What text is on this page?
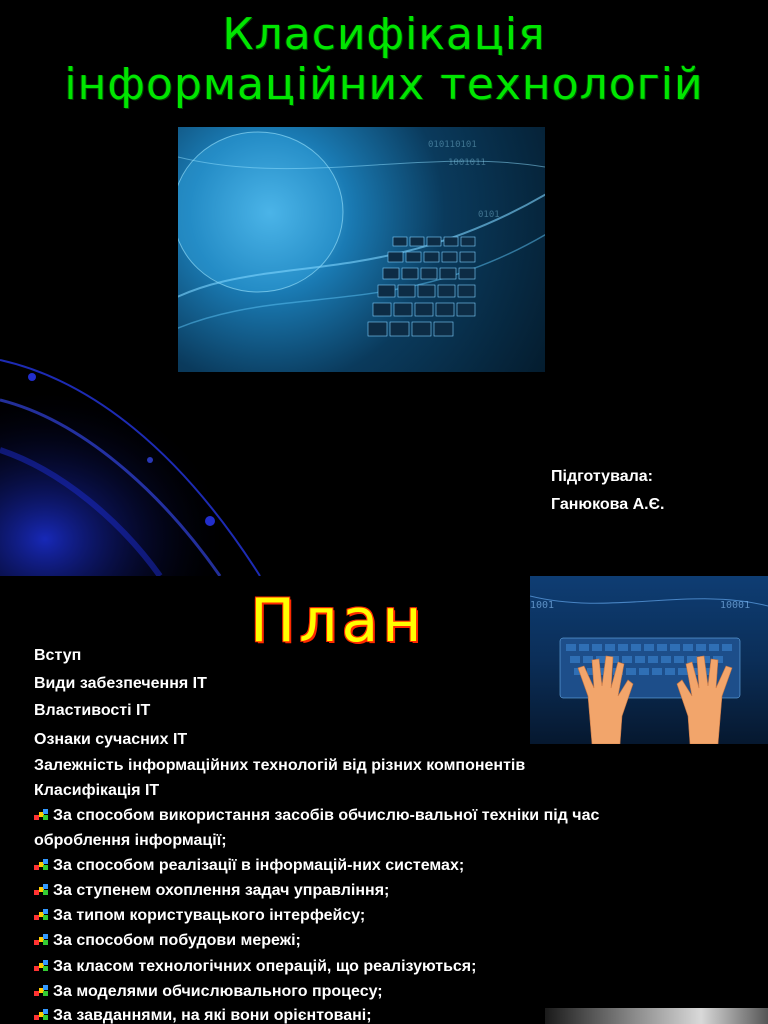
Класифікація
інформаційних технологій
010110101
1001011
0101
Підготувала:
Ганюкова А.Є.
План	1001	10001
Вступ
Види забезпечення ІТ
Властивості ІТ
Ознаки сучасних ІТ
Залежність інформаційних технологій від різних компонентів
Класифікація ІТ
За способом використання засобів обчислю-вальної техніки під час
оброблення інформації;
За способом реалізації в інформацій-них системах;
За ступенем охоплення задач управління;
За типом користувацького інтерфейсу;
За способом побудови мережі;
За класом технологічних операцій, що реалізуються;
За моделями обчислювального процесу;
За завданнями, на які вони орієнтовані;
